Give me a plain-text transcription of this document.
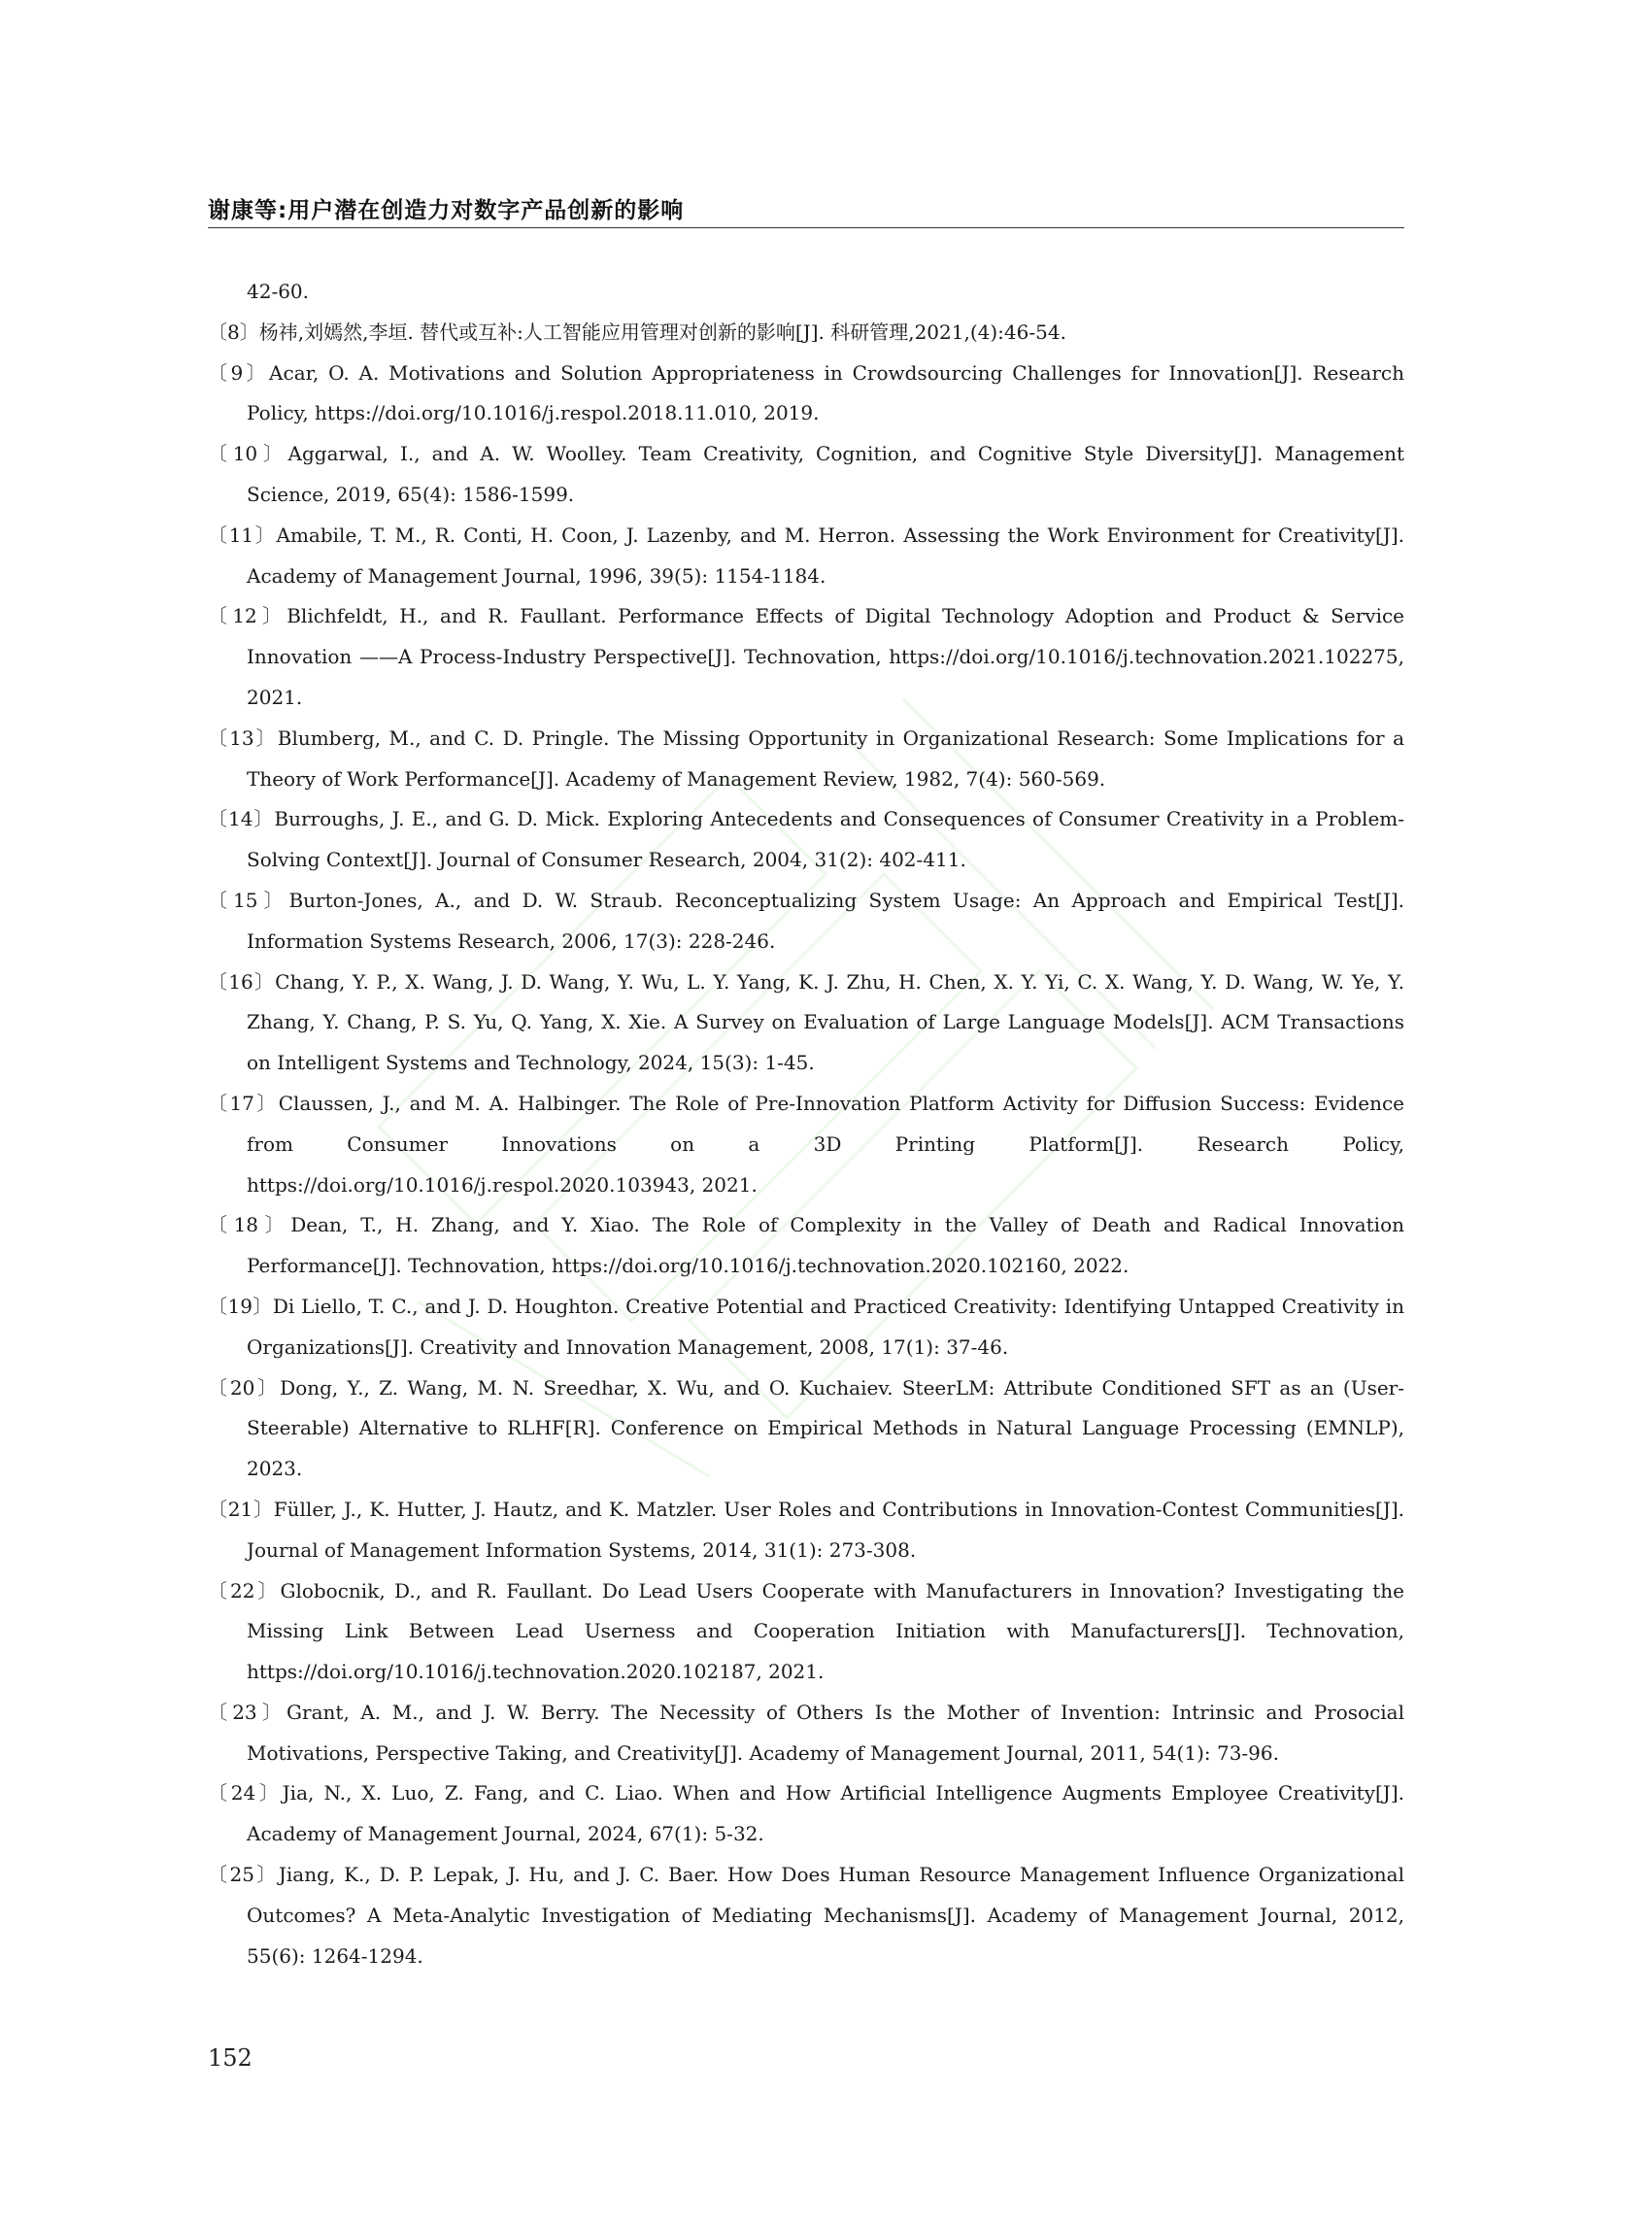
谢康等:用户潜在创造力对数字产品创新的影响
42-60.
〔8〕杨祎,刘嫣然,李垣. 替代或互补:人工智能应用管理对创新的影响[J]. 科研管理,2021,(4):46-54.
〔9〕Acar, O. A. Motivations and Solution Appropriateness in Crowdsourcing Challenges for Innovation[J]. Research Policy, https://doi.org/10.1016/j.respol.2018.11.010, 2019.
〔10〕Aggarwal, I., and A. W. Woolley. Team Creativity, Cognition, and Cognitive Style Diversity[J]. Management Science, 2019, 65(4): 1586-1599.
〔11〕Amabile, T. M., R. Conti, H. Coon, J. Lazenby, and M. Herron. Assessing the Work Environment for Creativity[J]. Academy of Management Journal, 1996, 39(5): 1154-1184.
〔12〕Blichfeldt, H., and R. Faullant. Performance Effects of Digital Technology Adoption and Product & Service Innovation ——A Process-Industry Perspective[J]. Technovation, https://doi.org/10.1016/j.technovation.2021.102275, 2021.
〔13〕Blumberg, M., and C. D. Pringle. The Missing Opportunity in Organizational Research: Some Implications for a Theory of Work Performance[J]. Academy of Management Review, 1982, 7(4): 560-569.
〔14〕Burroughs, J. E., and G. D. Mick. Exploring Antecedents and Consequences of Consumer Creativity in a Problem-Solving Context[J]. Journal of Consumer Research, 2004, 31(2): 402-411.
〔15〕Burton-Jones, A., and D. W. Straub. Reconceptualizing System Usage: An Approach and Empirical Test[J]. Information Systems Research, 2006, 17(3): 228-246.
〔16〕Chang, Y. P., X. Wang, J. D. Wang, Y. Wu, L. Y. Yang, K. J. Zhu, H. Chen, X. Y. Yi, C. X. Wang, Y. D. Wang, W. Ye, Y. Zhang, Y. Chang, P. S. Yu, Q. Yang, X. Xie. A Survey on Evaluation of Large Language Models[J]. ACM Transactions on Intelligent Systems and Technology, 2024, 15(3): 1-45.
〔17〕Claussen, J., and M. A. Halbinger. The Role of Pre-Innovation Platform Activity for Diffusion Success: Evidence from Consumer Innovations on a 3D Printing Platform[J]. Research Policy, https://doi.org/10.1016/j.respol.2020.103943, 2021.
〔18〕Dean, T., H. Zhang, and Y. Xiao. The Role of Complexity in the Valley of Death and Radical Innovation Performance[J]. Technovation, https://doi.org/10.1016/j.technovation.2020.102160, 2022.
〔19〕Di Liello, T. C., and J. D. Houghton. Creative Potential and Practiced Creativity: Identifying Untapped Creativity in Organizations[J]. Creativity and Innovation Management, 2008, 17(1): 37-46.
〔20〕Dong, Y., Z. Wang, M. N. Sreedhar, X. Wu, and O. Kuchaiev. SteerLM: Attribute Conditioned SFT as an (User-Steerable) Alternative to RLHF[R]. Conference on Empirical Methods in Natural Language Processing (EMNLP), 2023.
〔21〕Füller, J., K. Hutter, J. Hautz, and K. Matzler. User Roles and Contributions in Innovation-Contest Communities[J]. Journal of Management Information Systems, 2014, 31(1): 273-308.
〔22〕Globocnik, D., and R. Faullant. Do Lead Users Cooperate with Manufacturers in Innovation? Investigating the Missing Link Between Lead Userness and Cooperation Initiation with Manufacturers[J]. Technovation, https://doi.org/10.1016/j.technovation.2020.102187, 2021.
〔23〕Grant, A. M., and J. W. Berry. The Necessity of Others Is the Mother of Invention: Intrinsic and Prosocial Motivations, Perspective Taking, and Creativity[J]. Academy of Management Journal, 2011, 54(1): 73-96.
〔24〕Jia, N., X. Luo, Z. Fang, and C. Liao. When and How Artificial Intelligence Augments Employee Creativity[J]. Academy of Management Journal, 2024, 67(1): 5-32.
〔25〕Jiang, K., D. P. Lepak, J. Hu, and J. C. Baer. How Does Human Resource Management Influence Organizational Outcomes? A Meta-Analytic Investigation of Mediating Mechanisms[J]. Academy of Management Journal, 2012, 55(6): 1264-1294.
152
